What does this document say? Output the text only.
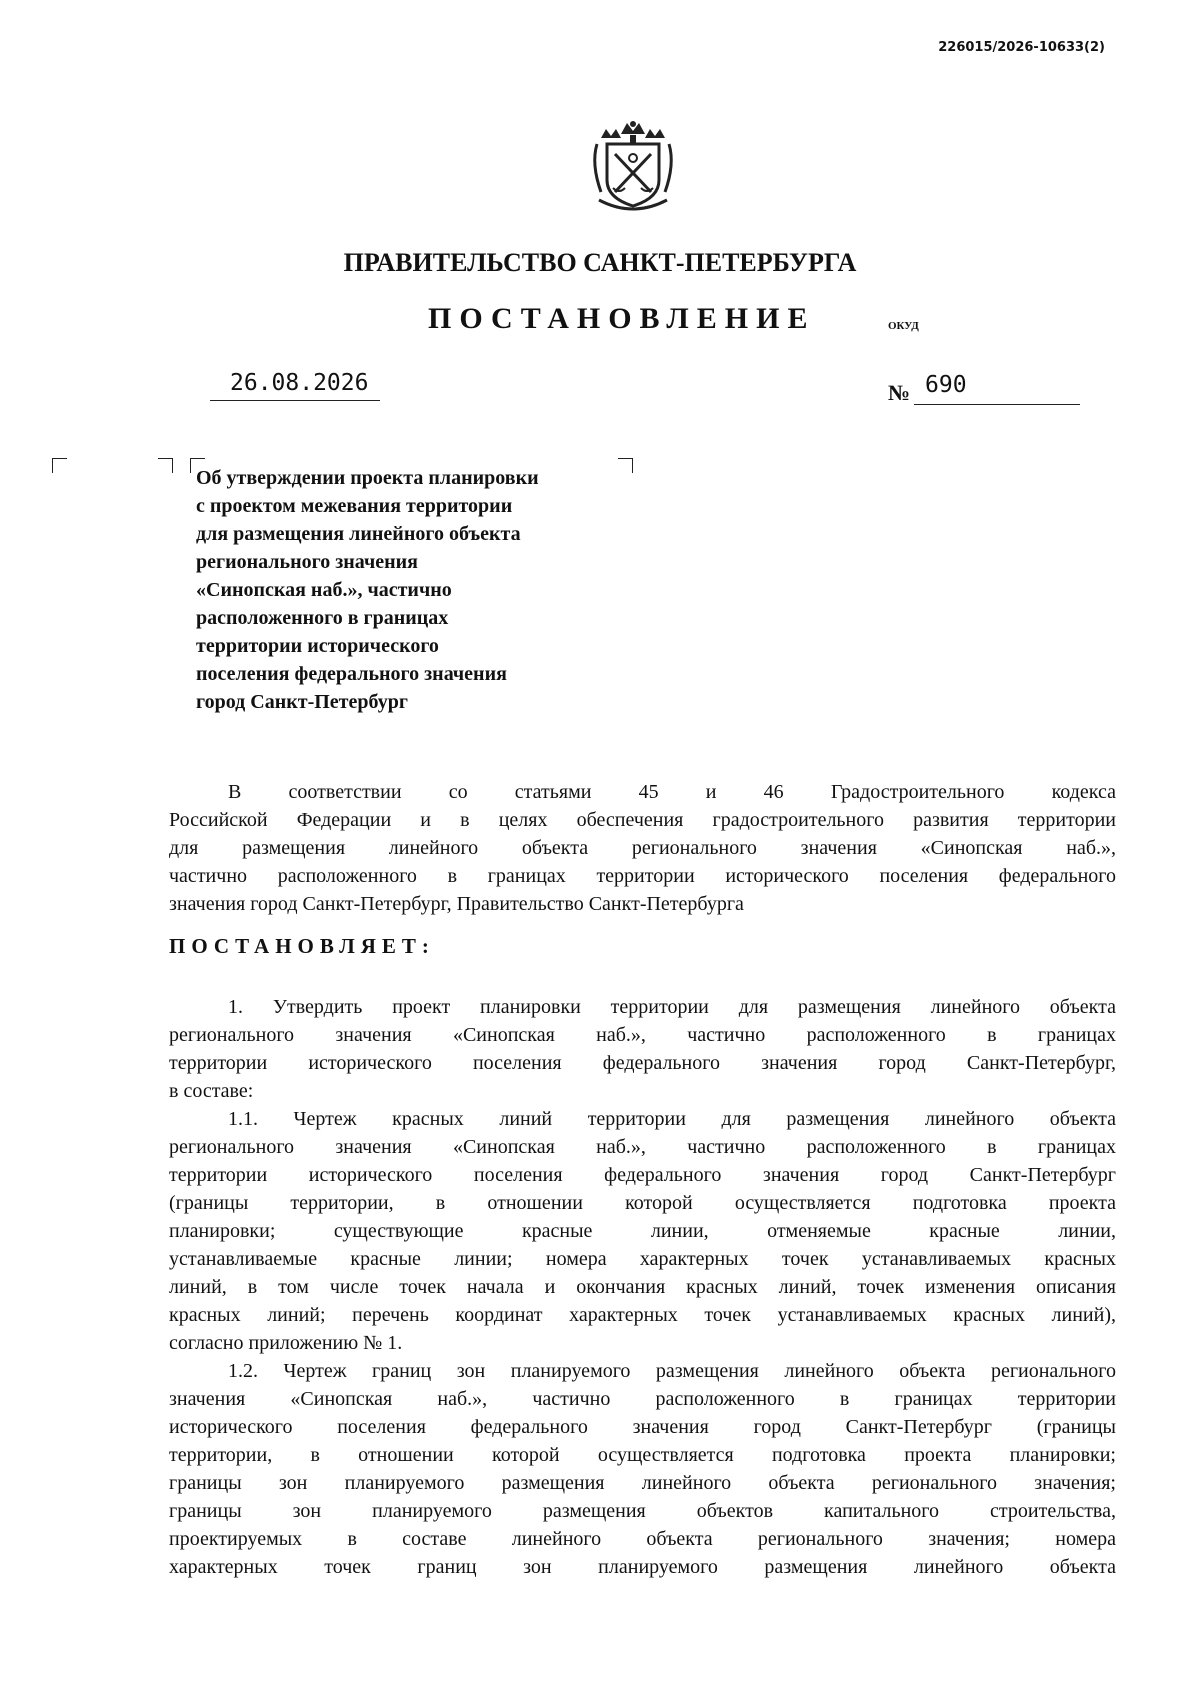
226015/2026-10633(2)
ПРАВИТЕЛЬСТВО САНКТ-ПЕТЕРБУРГА
ПОСТАНОВЛЕНИЕ	ОКУД
26.08.2026	№ 690
Об утверждении проекта планировки
с проектом межевания территории
для размещения линейного объекта
регионального значения
«Синопская наб.», частично
расположенного в границах
территории исторического
поселения федерального значения
город Санкт-Петербург
В соответствии со статьями 45 и 46 Градостроительного кодекса
Российской Федерации и в целях обеспечения градостроительного развития территории
для размещения линейного объекта регионального значения «Синопская наб.»,
частично расположенного в границах территории исторического поселения федерального
значения город Санкт-Петербург, Правительство Санкт-Петербурга
ПОСТАНОВЛЯЕТ:
1. Утвердить проект планировки территории для размещения линейного объекта
регионального значения «Синопская наб.», частично расположенного в границах
территории исторического поселения федерального значения город Санкт-Петербург,
в составе:
1.1. Чертеж красных линий территории для размещения линейного объекта
регионального значения «Синопская наб.», частично расположенного в границах
территории исторического поселения федерального значения город Санкт-Петербург
(границы территории, в отношении которой осуществляется подготовка проекта
планировки; существующие красные линии, отменяемые красные линии,
устанавливаемые красные линии; номера характерных точек устанавливаемых красных
линий, в том числе точек начала и окончания красных линий, точек изменения описания
красных линий; перечень координат характерных точек устанавливаемых красных линий),
согласно приложению № 1.
1.2. Чертеж границ зон планируемого размещения линейного объекта регионального
значения «Синопская наб.», частично расположенного в границах территории
исторического поселения федерального значения город Санкт-Петербург (границы
территории, в отношении которой осуществляется подготовка проекта планировки;
границы зон планируемого размещения линейного объекта регионального значения;
границы зон планируемого размещения объектов капитального строительства,
проектируемых в составе линейного объекта регионального значения; номера
характерных точек границ зон планируемого размещения линейного объекта
